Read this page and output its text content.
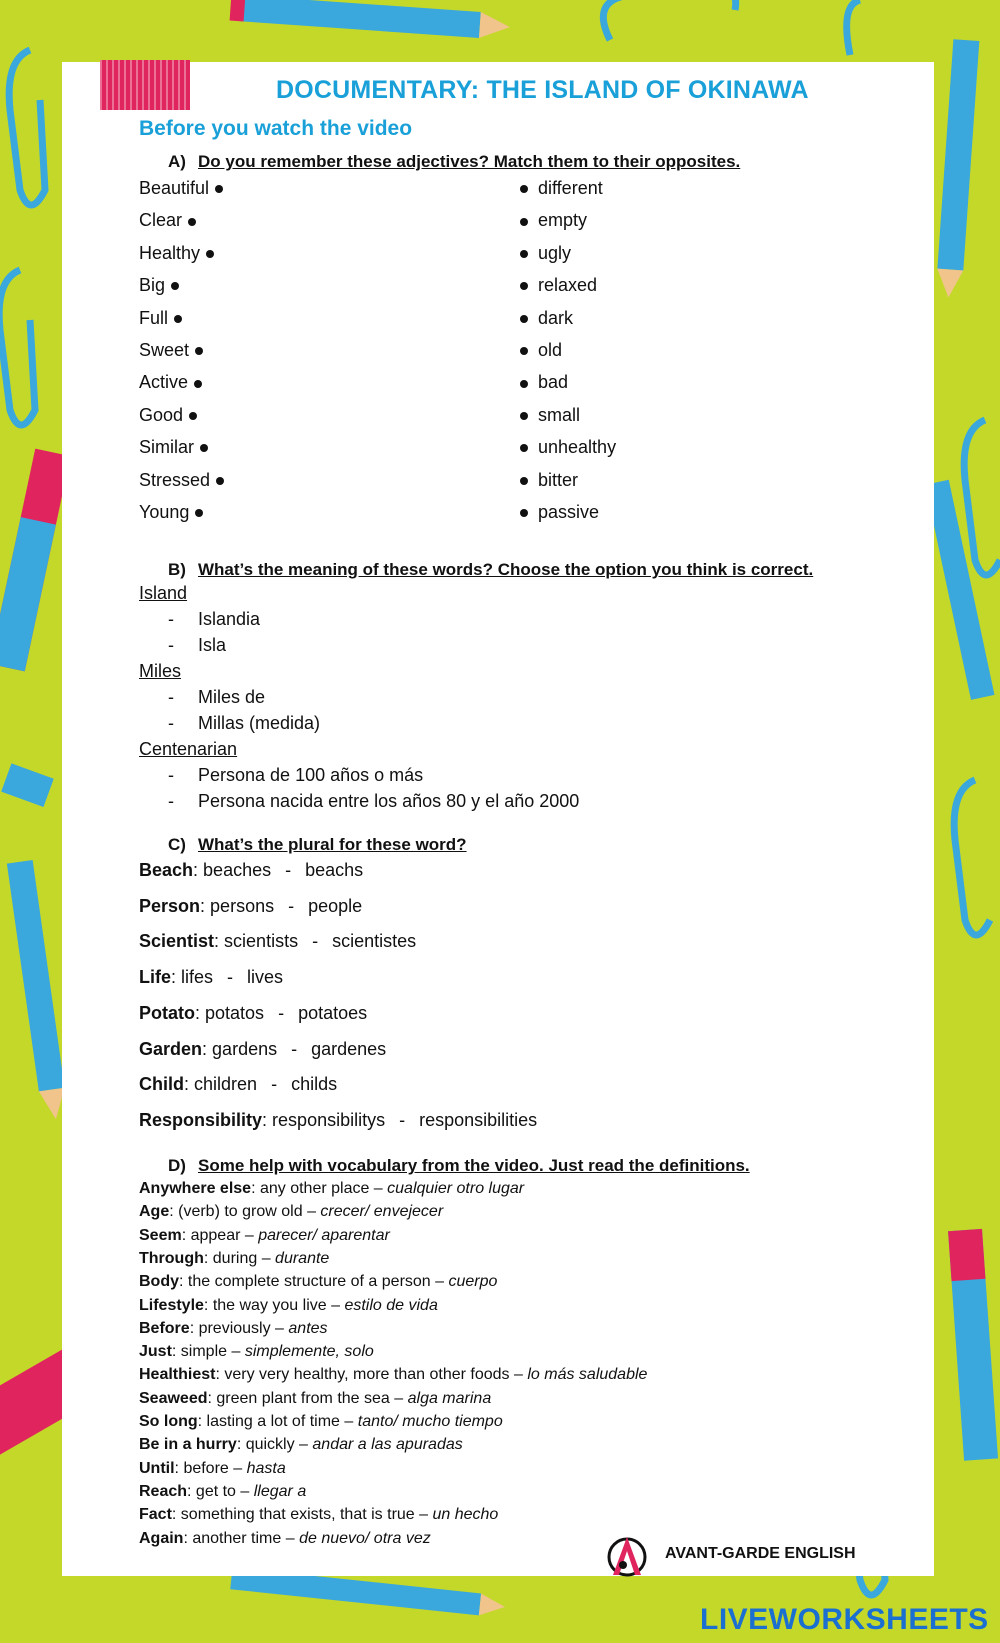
DOCUMENTARY: THE ISLAND OF OKINAWA
Before you watch the video
A) Do you remember these adjectives? Match them to their opposites.
Beautiful
Clear
Healthy
Big
Full
Sweet
Active
Good
Similar
Stressed
Young
different
empty
ugly
relaxed
dark
old
bad
small
unhealthy
bitter
passive
B) What’s the meaning of these words? Choose the option you think is correct.
Island
- Islandia
- Isla
Miles
- Miles de
- Millas (medida)
Centenarian
- Persona de 100 años o más
- Persona nacida entre los años 80 y el año 2000
C) What’s the plural for these word?
Beach: beaches - beachs
Person: persons - people
Scientist: scientists - scientistes
Life: lifes - lives
Potato: potatos - potatoes
Garden: gardens - gardenes
Child: children - childs
Responsibility: responsibilitys - responsibilities
D) Some help with vocabulary from the video. Just read the definitions.
Anywhere else: any other place – cualquier otro lugar
Age: (verb) to grow old – crecer/ envejecer
Seem: appear – parecer/ aparentar
Through: during – durante
Body: the complete structure of a person – cuerpo
Lifestyle: the way you live – estilo de vida
Before: previously – antes
Just: simple – simplemente, solo
Healthiest: very very healthy, more than other foods – lo más saludable
Seaweed: green plant from the sea – alga marina
So long: lasting a lot of time – tanto/ mucho tiempo
Be in a hurry: quickly – andar a las apuradas
Until: before – hasta
Reach: get to – llegar a
Fact: something that exists, that is true – un hecho
Again: another time – de nuevo/ otra vez
AVANT-GARDE ENGLISH
LIVEWORKSHEETS
